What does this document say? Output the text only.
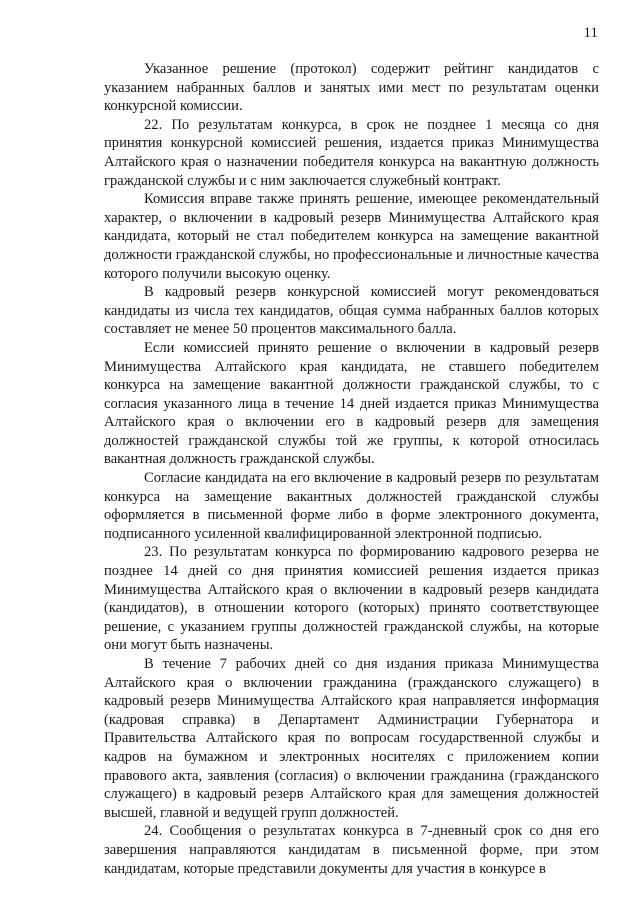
11

Указанное решение (протокол) содержит рейтинг кандидатов с указанием набранных баллов и занятых ими мест по результатам оценки конкурсной комиссии.

22. По результатам конкурса, в срок не позднее 1 месяца со дня принятия конкурсной комиссией решения, издается приказ Минимущества Алтайского края о назначении победителя конкурса на вакантную должность гражданской службы и с ним заключается служебный контракт.

Комиссия вправе также принять решение, имеющее рекомендательный характер, о включении в кадровый резерв Минимущества Алтайского края кандидата, который не стал победителем конкурса на замещение вакантной должности гражданской службы, но профессиональные и личностные качества которого получили высокую оценку.

В кадровый резерв конкурсной комиссией могут рекомендоваться кандидаты из числа тех кандидатов, общая сумма набранных баллов которых составляет не менее 50 процентов максимального балла.

Если комиссией принято решение о включении в кадровый резерв Минимущества Алтайского края кандидата, не ставшего победителем конкурса на замещение вакантной должности гражданской службы, то с согласия указанного лица в течение 14 дней издается приказ Минимущества Алтайского края о включении его в кадровый резерв для замещения должностей гражданской службы той же группы, к которой относилась вакантная должность гражданской службы.

Согласие кандидата на его включение в кадровый резерв по результатам конкурса на замещение вакантных должностей гражданской службы оформляется в письменной форме либо в форме электронного документа, подписанного усиленной квалифицированной электронной подписью.

23. По результатам конкурса по формированию кадрового резерва не позднее 14 дней со дня принятия комиссией решения издается приказ Минимущества Алтайского края о включении в кадровый резерв кандидата (кандидатов), в отношении которого (которых) принято соответствующее решение, с указанием группы должностей гражданской службы, на которые они могут быть назначены.

В течение 7 рабочих дней со дня издания приказа Минимущества Алтайского края о включении гражданина (гражданского служащего) в кадровый резерв Минимущества Алтайского края направляется информация (кадровая справка) в Департамент Администрации Губернатора и Правительства Алтайского края по вопросам государственной службы и кадров на бумажном и электронных носителях с приложением копии правового акта, заявления (согласия) о включении гражданина (гражданского служащего) в кадровый резерв Алтайского края для замещения должностей высшей, главной и ведущей групп должностей.

24. Сообщения о результатах конкурса в 7-дневный срок со дня его завершения направляются кандидатам в письменной форме, при этом кандидатам, которые представили документы для участия в конкурсе в
